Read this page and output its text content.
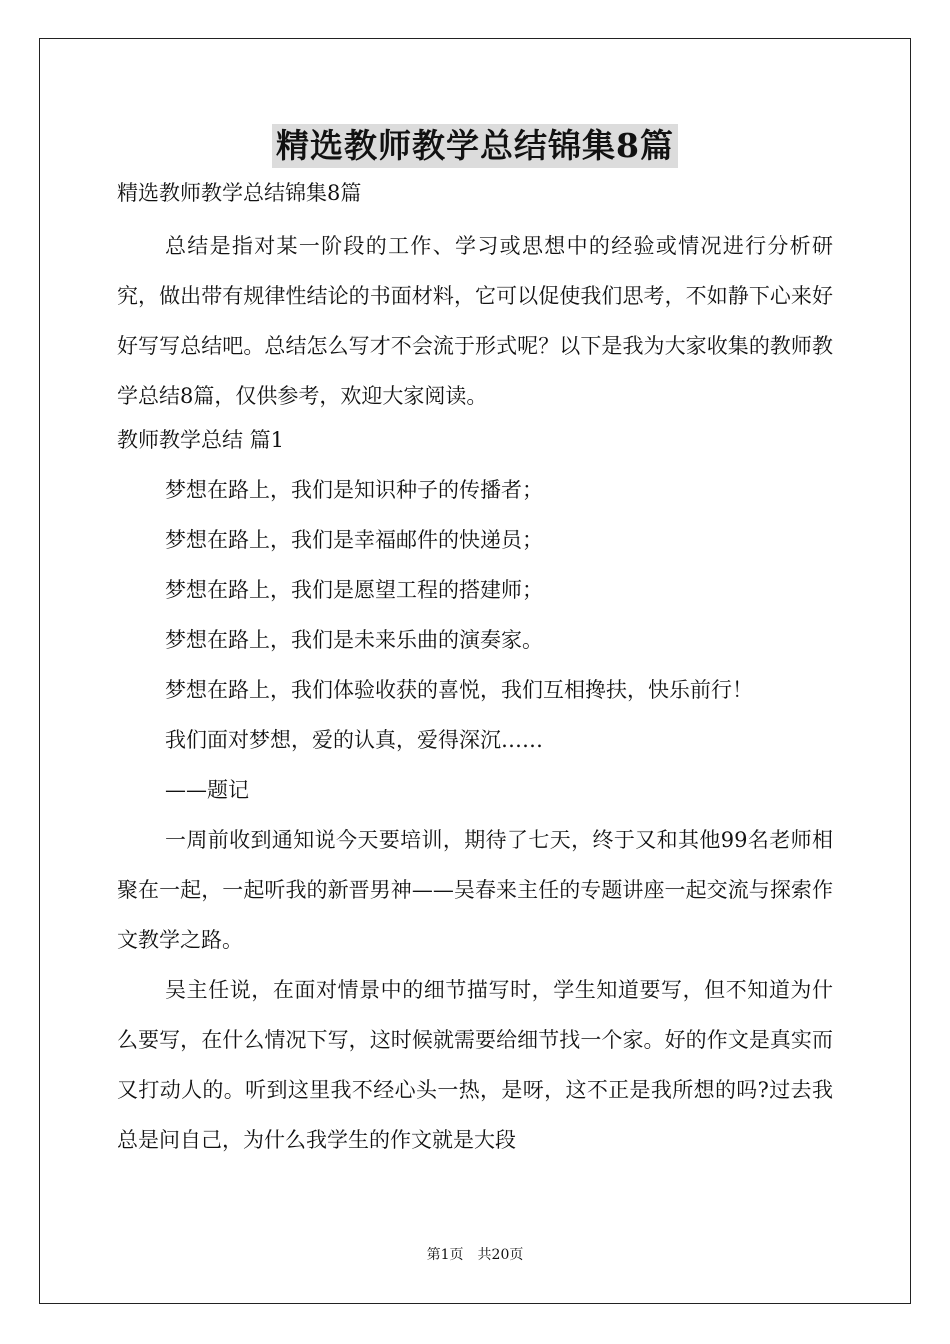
精选教师教学总结锦集8篇

精选教师教学总结锦集8篇

总结是指对某一阶段的工作、学习或思想中的经验或情况进行分析研究，做出带有规律性结论的书面材料，它可以促使我们思考，不如静下心来好好写写总结吧。总结怎么写才不会流于形式呢？以下是我为大家收集的教师教学总结8篇，仅供参考，欢迎大家阅读。

教师教学总结 篇1

梦想在路上，我们是知识种子的传播者；

梦想在路上，我们是幸福邮件的快递员；

梦想在路上，我们是愿望工程的搭建师；

梦想在路上，我们是未来乐曲的演奏家。

梦想在路上，我们体验收获的喜悦，我们互相搀扶，快乐前行！

我们面对梦想，爱的认真，爱得深沉……

——题记

一周前收到通知说今天要培训，期待了七天，终于又和其他99名老师相聚在一起，一起听我的新晋男神——吴春来主任的专题讲座一起交流与探索作文教学之路。

吴主任说，在面对情景中的细节描写时，学生知道要写，但不知道为什么要写，在什么情况下写，这时候就需要给细节找一个家。好的作文是真实而又打动人的。听到这里我不经心头一热，是呀，这不正是我所想的吗?过去我总是问自己，为什么我学生的作文就是大段

第1页 共20页
